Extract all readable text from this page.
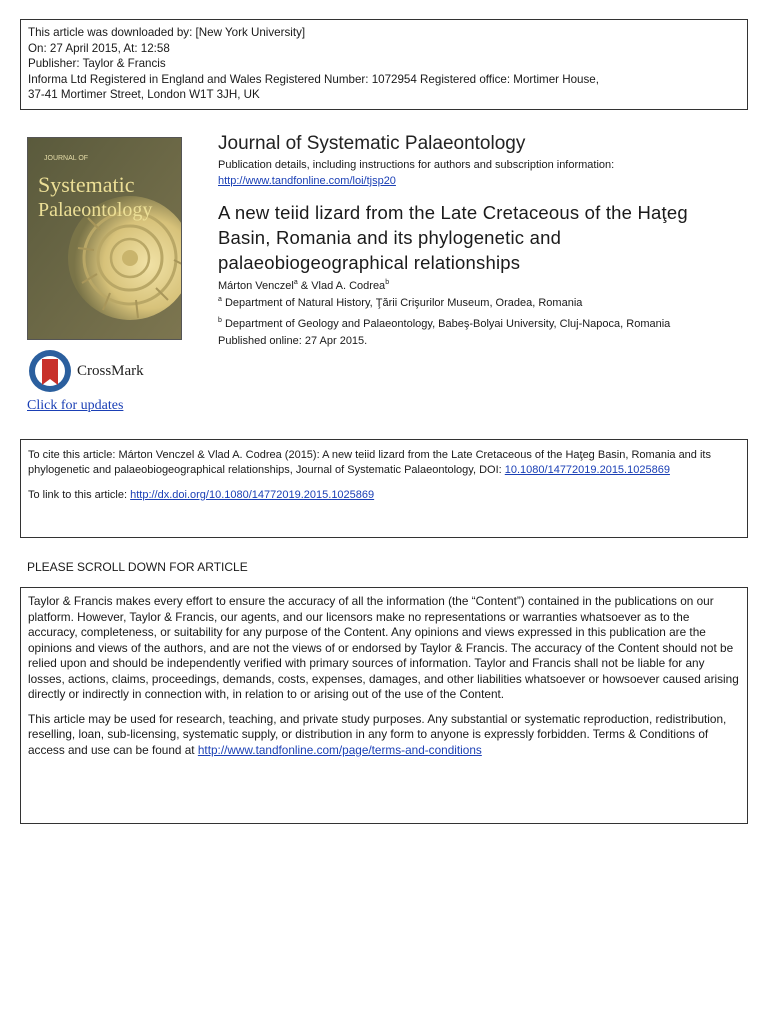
This article was downloaded by: [New York University]
On: 27 April 2015, At: 12:58
Publisher: Taylor & Francis
Informa Ltd Registered in England and Wales Registered Number: 1072954 Registered office: Mortimer House,
37-41 Mortimer Street, London W1T 3JH, UK
JOURNAL OF
Systematic
Palaeontology
CrossMark
Click for updates
Journal of Systematic Palaeontology
Publication details, including instructions for authors and subscription information:
http://www.tandfonline.com/loi/tjsp20
A new teiid lizard from the Late Cretaceous of the Haţeg Basin, Romania and its phylogenetic and palaeobiogeographical relationships
Márton Venczel$^a$ & Vlad A. Codrea$^b$
$^a$ Department of Natural History, Ţării Crişurilor Museum, Oradea, Romania
$^b$ Department of Geology and Palaeontology, Babeş-Bolyai University, Cluj-Napoca, Romania
Published online: 27 Apr 2015.
To cite this article: Márton Venczel & Vlad A. Codrea (2015): A new teiid lizard from the Late Cretaceous of the Haţeg Basin, Romania and its phylogenetic and palaeobiogeographical relationships, Journal of Systematic Palaeontology, DOI: 10.1080/14772019.2015.1025869
To link to this article: http://dx.doi.org/10.1080/14772019.2015.1025869
PLEASE SCROLL DOWN FOR ARTICLE

Taylor & Francis makes every effort to ensure the accuracy of all the information (the “Content”) contained in the publications on our platform. However, Taylor & Francis, our agents, and our licensors make no representations or warranties whatsoever as to the accuracy, completeness, or suitability for any purpose of the Content. Any opinions and views expressed in this publication are the opinions and views of the authors, and are not the views of or endorsed by Taylor & Francis. The accuracy of the Content should not be relied upon and should be independently verified with primary sources of information. Taylor and Francis shall not be liable for any losses, actions, claims, proceedings, demands, costs, expenses, damages, and other liabilities whatsoever or howsoever caused arising directly or indirectly in connection with, in relation to or arising out of the use of the Content.

This article may be used for research, teaching, and private study purposes. Any substantial or systematic reproduction, redistribution, reselling, loan, sub-licensing, systematic supply, or distribution in any form to anyone is expressly forbidden. Terms & Conditions of access and use can be found at http://www.tandfonline.com/page/terms-and-conditions
